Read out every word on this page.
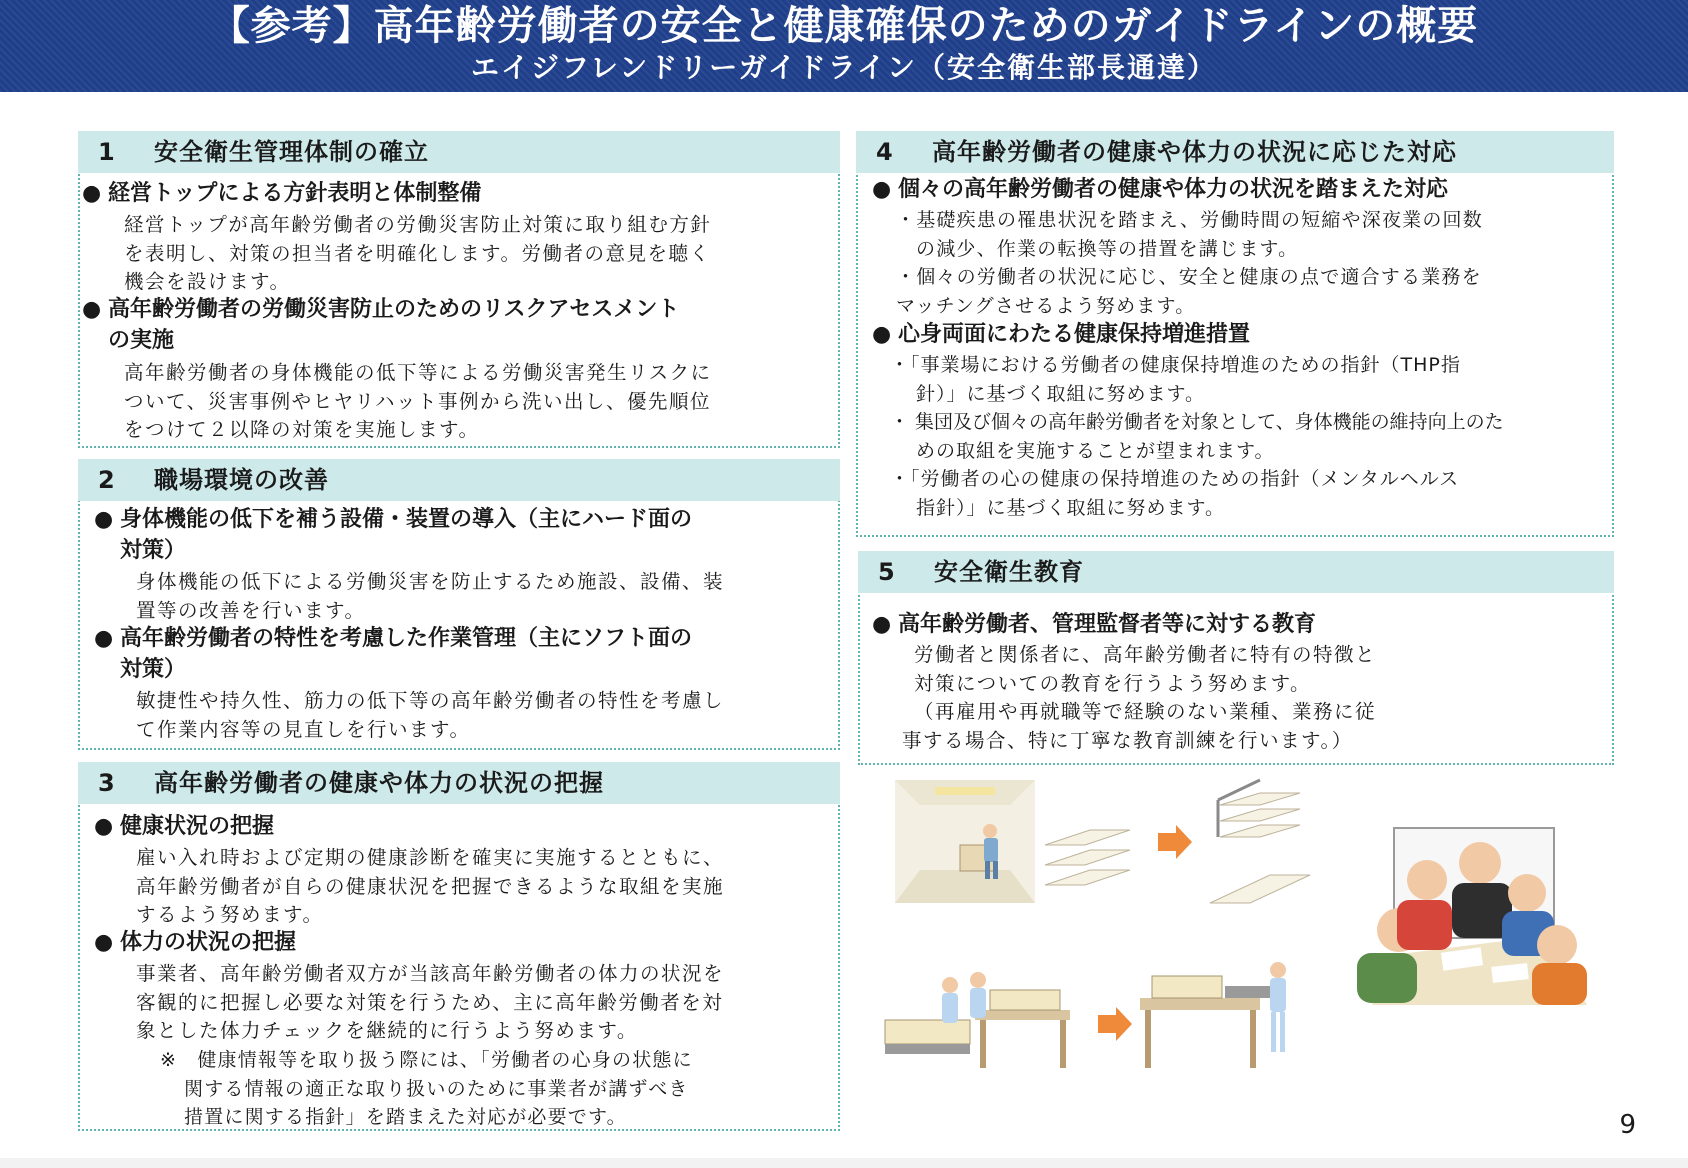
【参考】高年齢労働者の安全と健康確保のためのガイドラインの概要
エイジフレンドリーガイドライン（安全衛生部長通達）
1 安全衛生管理体制の確立
● 経営トップによる方針表明と体制整備
経営トップが高年齢労働者の労働災害防止対策に取り組む方針
を表明し、対策の担当者を明確化します。労働者の意見を聴く
機会を設けます。
● 高年齢労働者の労働災害防止のためのリスクアセスメント
の実施
高年齢労働者の身体機能の低下等による労働災害発生リスクに
ついて、災害事例やヒヤリハット事例から洗い出し、優先順位
をつけて２以降の対策を実施します。
2 職場環境の改善
● 身体機能の低下を補う設備・装置の導入（主にハード面の
対策）
身体機能の低下による労働災害を防止するため施設、設備、装
置等の改善を行います。
● 高年齢労働者の特性を考慮した作業管理（主にソフト面の
対策）
敏捷性や持久性、筋力の低下等の高年齢労働者の特性を考慮し
て作業内容等の見直しを行います。
3 高年齢労働者の健康や体力の状況の把握
● 健康状況の把握
雇い入れ時および定期の健康診断を確実に実施するとともに、
高年齢労働者が自らの健康状況を把握できるような取組を実施
するよう努めます。
● 体力の状況の把握
事業者、高年齢労働者双方が当該高年齢労働者の体力の状況を
客観的に把握し必要な対策を行うため、主に高年齢労働者を対
象とした体力チェックを継続的に行うよう努めます。
※　健康情報等を取り扱う際には、「労働者の心身の状態に
関する情報の適正な取り扱いのために事業者が講ずべき
措置に関する指針」を踏まえた対応が必要です。
4 高年齢労働者の健康や体力の状況に応じた対応
● 個々の高年齢労働者の健康や体力の状況を踏まえた対応
・基礎疾患の罹患状況を踏まえ、労働時間の短縮や深夜業の回数
の減少、作業の転換等の措置を講じます。
・個々の労働者の状況に応じ、安全と健康の点で適合する業務を
マッチングさせるよう努めます。
● 心身両面にわたる健康保持増進措置
・「事業場における労働者の健康保持増進のための指針（THP指
針）」に基づく取組に努めます。
・ 集団及び個々の高年齢労働者を対象として、身体機能の維持向上のた
めの取組を実施することが望まれます。
・「労働者の心の健康の保持増進のための指針（メンタルヘルス
指針）」に基づく取組に努めます。
5 安全衛生教育
● 高年齢労働者、管理監督者等に対する教育
労働者と関係者に、高年齢労働者に特有の特徴と
対策についての教育を行うよう努めます。
（再雇用や再就職等で経験のない業種、業務に従
事する場合、特に丁寧な教育訓練を行います。）
9
